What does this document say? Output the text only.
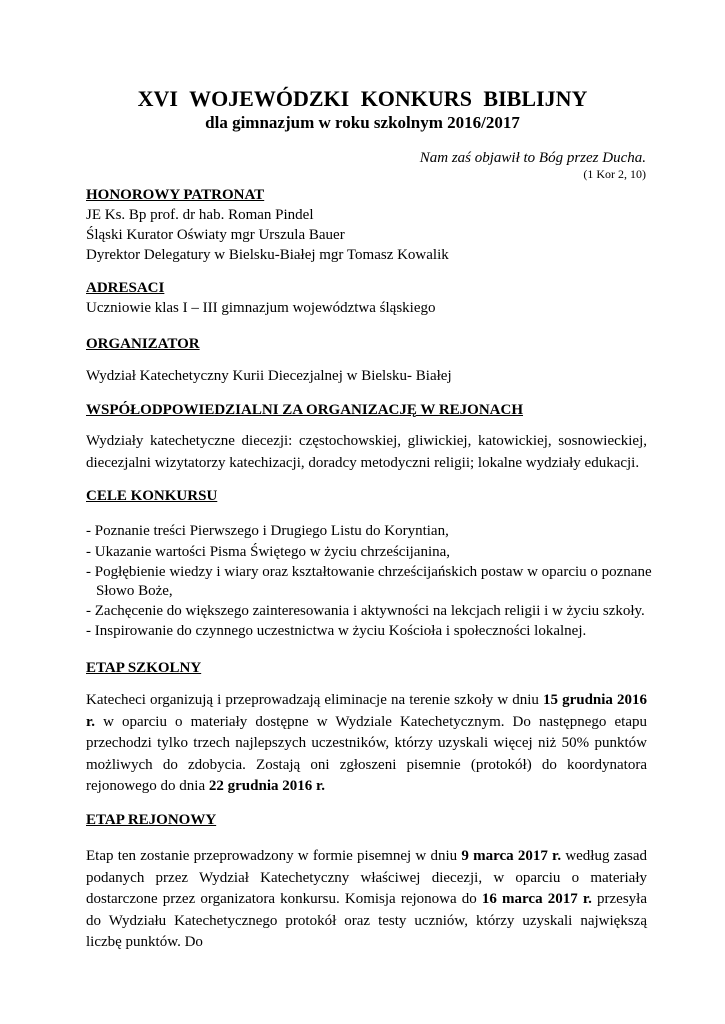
XVI WOJEWÓDZKI KONKURS BIBLIJNY
dla gimnazjum w roku szkolnym 2016/2017
Nam zaś objawił to Bóg przez Ducha.
(1 Kor 2, 10)
HONOROWY PATRONAT
JE Ks. Bp prof. dr hab. Roman Pindel
Śląski Kurator Oświaty mgr Urszula Bauer
Dyrektor Delegatury w Bielsku-Białej mgr Tomasz Kowalik
ADRESACI
Uczniowie klas I – III gimnazjum województwa śląskiego
ORGANIZATOR
Wydział Katechetyczny Kurii Diecezjalnej w Bielsku- Białej
WSPÓŁODPOWIEDZIALNI ZA ORGANIZACJĘ W REJONACH
Wydziały katechetyczne diecezji: częstochowskiej, gliwickiej, katowickiej, sosnowieckiej, diecezjalni wizytatorzy katechizacji, doradcy metodyczni religii; lokalne wydziały edukacji.
CELE KONKURSU
- Poznanie treści Pierwszego i Drugiego Listu do Koryntian,
- Ukazanie wartości Pisma Świętego w życiu chrześcijanina,
- Pogłębienie wiedzy i wiary oraz kształtowanie chrześcijańskich postaw w oparciu o poznane
Słowo Boże,
- Zachęcenie do większego zainteresowania i aktywności na lekcjach religii i w życiu szkoły.
- Inspirowanie do czynnego uczestnictwa w życiu Kościoła i społeczności lokalnej.
ETAP SZKOLNY
Katecheci organizują i przeprowadzają eliminacje na terenie szkoły w dniu 15 grudnia 2016 r. w oparciu o materiały dostępne w Wydziale Katechetycznym. Do następnego etapu przechodzi tylko trzech najlepszych uczestników, którzy uzyskali więcej niż 50% punktów możliwych do zdobycia. Zostają oni zgłoszeni pisemnie (protokół) do koordynatora rejonowego do dnia 22 grudnia 2016 r.
ETAP REJONOWY
Etap ten zostanie przeprowadzony w formie pisemnej w dniu 9 marca 2017 r. według zasad podanych przez Wydział Katechetyczny właściwej diecezji, w oparciu o materiały dostarczone przez organizatora konkursu. Komisja rejonowa do 16 marca 2017 r. przesyła do Wydziału Katechetycznego protokół oraz testy uczniów, którzy uzyskali największą liczbę punktów. Do
